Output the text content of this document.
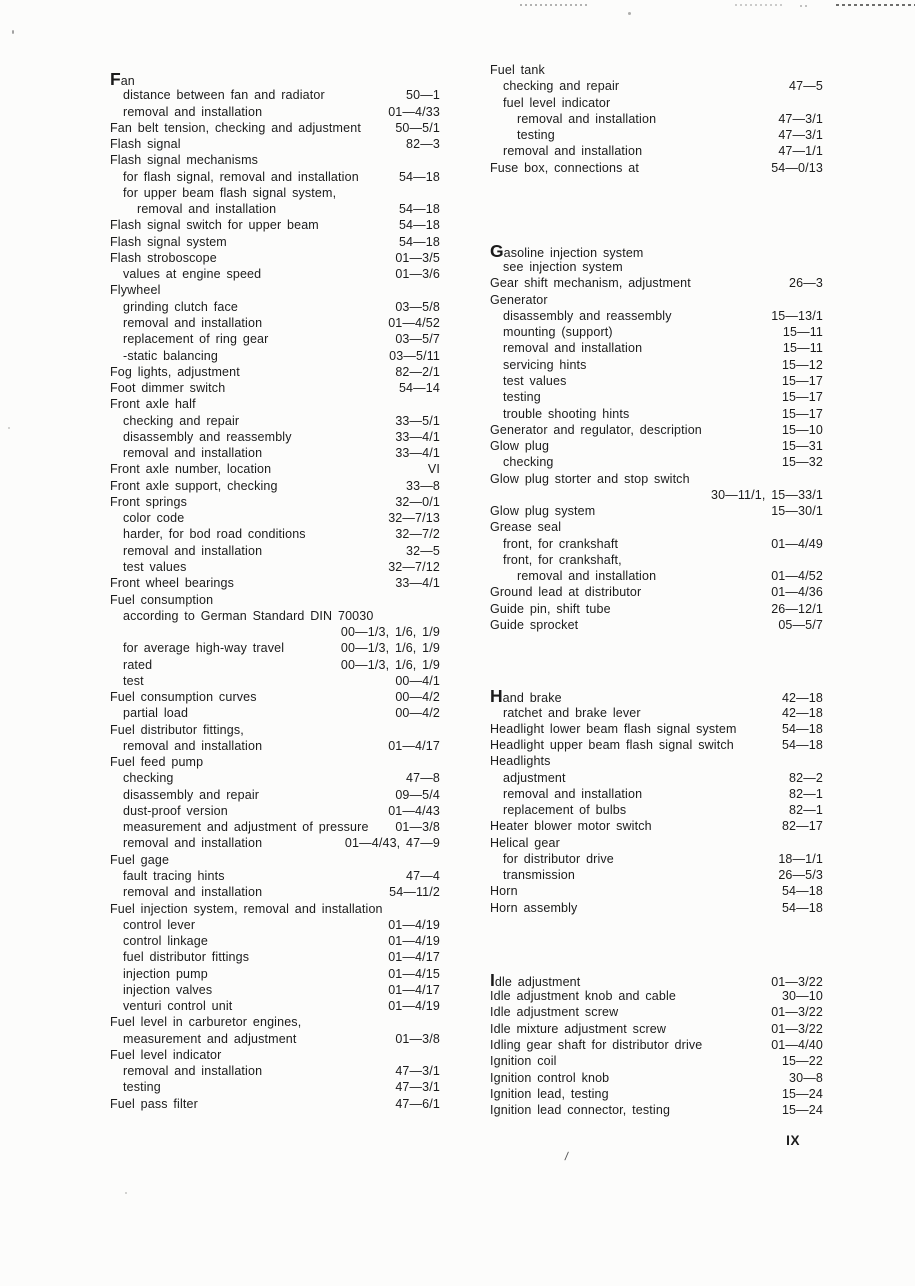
/
Fan
distance between fan and radiator	50—1
removal and installation	01—4/33
Fan belt tension, checking and adjustment	50—5/1
Flash signal	82—3
Flash signal mechanisms
for flash signal, removal and installation	54—18
for upper beam flash signal system,
removal and installation	54—18
Flash signal switch for upper beam	54—18
Flash signal system	54—18
Flash stroboscope	01—3/5
values at engine speed	01—3/6
Flywheel
grinding clutch face	03—5/8
removal and installation	01—4/52
replacement of ring gear	03—5/7
-static balancing	03—5/11
Fog lights, adjustment	82—2/1
Foot dimmer switch	54—14
Front axle half
checking and repair	33—5/1
disassembly and reassembly	33—4/1
removal and installation	33—4/1
Front axle number, location	VI
Front axle support, checking	33—8
Front springs	32—0/1
color code	32—7/13
harder, for bod road conditions	32—7/2
removal and installation	32—5
test values	32—7/12
Front wheel bearings	33—4/1
Fuel consumption
according to German Standard DIN 70030
00—1/3, 1/6, 1/9
for average high-way travel	00—1/3, 1/6, 1/9
rated	00—1/3, 1/6, 1/9
test	00—4/1
Fuel consumption curves	00—4/2
partial load	00—4/2
Fuel distributor fittings,
removal and installation	01—4/17
Fuel feed pump
checking	47—8
disassembly and repair	09—5/4
dust-proof version	01—4/43
measurement and adjustment of pressure	01—3/8
removal and installation	01—4/43, 47—9
Fuel gage
fault tracing hints	47—4
removal and installation	54—11/2
Fuel injection system, removal and installation
control lever	01—4/19
control linkage	01—4/19
fuel distributor fittings	01—4/17
injection pump	01—4/15
injection valves	01—4/17
venturi control unit	01—4/19
Fuel level in carburetor engines,
measurement and adjustment	01—3/8
Fuel level indicator
removal and installation	47—3/1
testing	47—3/1
Fuel pass filter	47—6/1
Fuel tank
checking and repair	47—5
fuel level indicator
removal and installation	47—3/1
testing	47—3/1
removal and installation	47—1/1
Fuse box, connections at	54—0/13
Gasoline injection system
see injection system
Gear shift mechanism, adjustment	26—3
Generator
disassembly and reassembly	15—13/1
mounting (support)	15—11
removal and installation	15—11
servicing hints	15—12
test values	15—17
testing	15—17
trouble shooting hints	15—17
Generator and regulator, description	15—10
Glow plug	15—31
checking	15—32
Glow plug storter and stop switch
30—11/1, 15—33/1
Glow plug system	15—30/1
Grease seal
front, for crankshaft	01—4/49
front, for crankshaft,
removal and installation	01—4/52
Ground lead at distributor	01—4/36
Guide pin, shift tube	26—12/1
Guide sprocket	05—5/7
Hand brake	42—18
ratchet and brake lever	42—18
Headlight lower beam flash signal system	54—18
Headlight upper beam flash signal switch	54—18
Headlights
adjustment	82—2
removal and installation	82—1
replacement of bulbs	82—1
Heater blower motor switch	82—17
Helical gear
for distributor drive	18—1/1
transmission	26—5/3
Horn	54—18
Horn assembly	54—18
Idle adjustment	01—3/22
Idle adjustment knob and cable	30—10
Idle adjustment screw	01—3/22
Idle mixture adjustment screw	01—3/22
Idling gear shaft for distributor drive	01—4/40
Ignition coil	15—22
Ignition control knob	30—8
Ignition lead, testing	15—24
Ignition lead connector, testing	15—24
IX
